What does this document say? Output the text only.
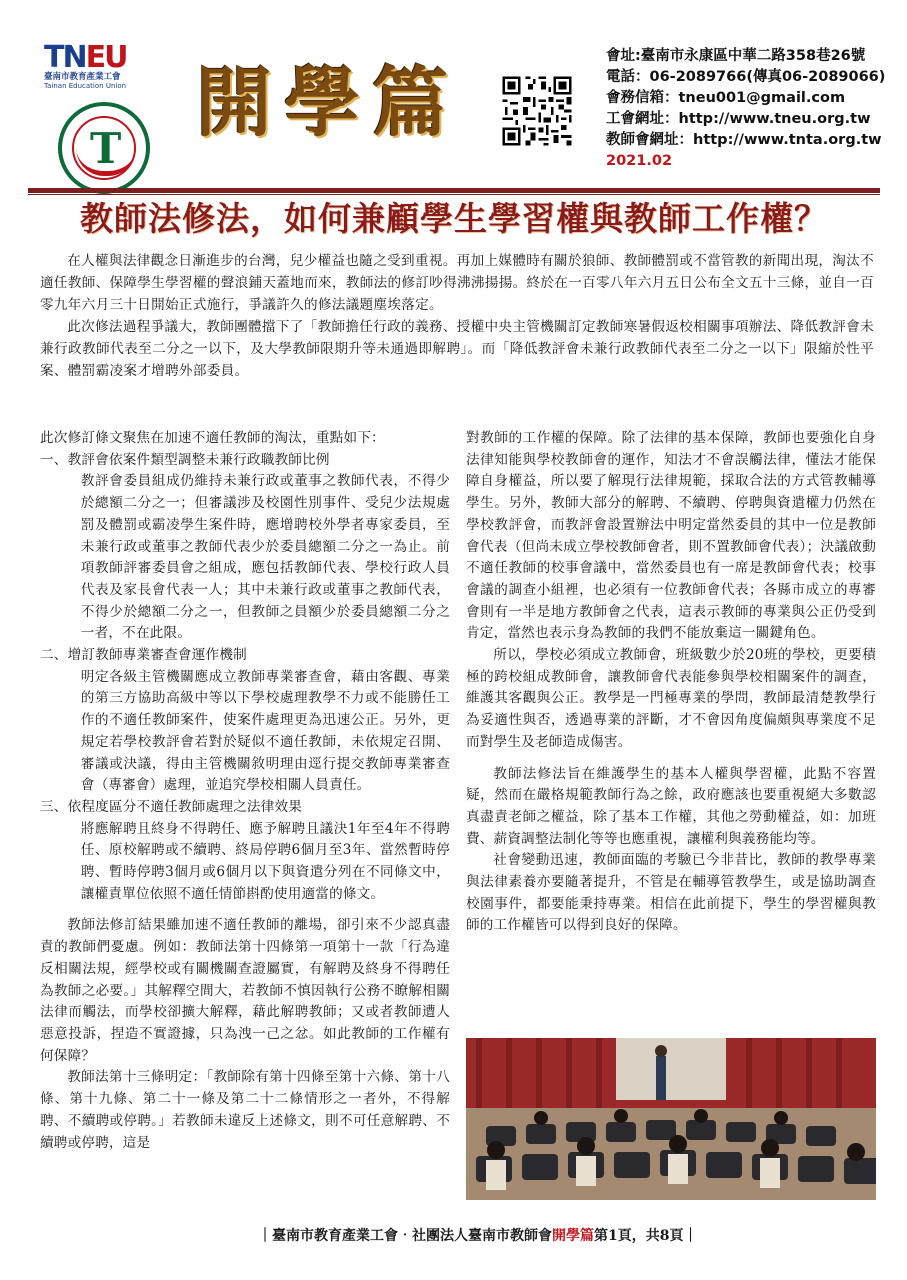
TNEU
臺南市教育產業工會
Tainan Education Union
T
開學篇
會址:臺南市永康區中華二路358巷26號
電話：06-2089766(傳真06-2089066)
會務信箱：tneu001@gmail.com
工會網址：http://www.tneu.org.tw
教師會網址：http://www.tnta.org.tw
2021.02
教師法修法，如何兼顧學生學習權與教師工作權？

在人權與法律觀念日漸進步的台灣，兒少權益也隨之受到重視。再加上媒體時有關於狼師、教師體罰或不當管教的新聞出現，淘汰不適任教師、保障學生學習權的聲浪鋪天蓋地而來，教師法的修訂吵得沸沸揚揚。終於在一百零八年六月五日公布全文五十三條，並自一百零九年六月三十日開始正式施行，爭議許久的修法議題塵埃落定。

此次修法過程爭議大，教師團體擋下了「教師擔任行政的義務、授權中央主管機關訂定教師寒暑假返校相關事項辦法、降低教評會未兼行政教師代表至二分之一以下，及大學教師限期升等未通過即解聘」。而「降低教評會未兼行政教師代表至二分之一以下」限縮於性平案、體罰霸凌案才增聘外部委員。

此次修訂條文聚焦在加速不適任教師的淘汰，重點如下：

一、教評會依案件類型調整未兼行政職教師比例

教評會委員組成仍維持未兼行政或董事之教師代表，不得少於總額二分之一；但審議涉及校園性別事件、受兒少法規處罰及體罰或霸凌學生案件時，應增聘校外學者專家委員，至未兼行政或董事之教師代表少於委員總額二分之一為止。前項教師評審委員會之組成，應包括教師代表、學校行政人員代表及家長會代表一人；其中未兼行政或董事之教師代表，不得少於總額二分之一，但教師之員額少於委員總額二分之一者，不在此限。

二、增訂教師專業審查會運作機制

明定各級主管機關應成立教師專業審查會，藉由客觀、專業的第三方協助高級中等以下學校處理教學不力或不能勝任工作的不適任教師案件，使案件處理更為迅速公正。另外，更規定若學校教評會若對於疑似不適任教師，未依規定召開、審議或決議，得由主管機關敘明理由逕行提交教師專業審查會（專審會）處理，並追究學校相關人員責任。

三、依程度區分不適任教師處理之法律效果

將應解聘且終身不得聘任、應予解聘且議決1年至4年不得聘任、原校解聘或不續聘、終局停聘6個月至3年、當然暫時停聘、暫時停聘3個月或6個月以下與資遣分列在不同條文中，讓權責單位依照不適任情節斟酌使用適當的條文。

教師法修訂結果雖加速不適任教師的離場，卻引來不少認真盡責的教師們憂慮。例如：教師法第十四條第一項第十一款「行為違反相關法規，經學校或有關機關查證屬實，有解聘及終身不得聘任為教師之必要。」其解釋空間大，若教師不慎因執行公務不瞭解相關法律而觸法，而學校卻擴大解釋，藉此解聘教師；又或者教師遭人惡意投訴，捏造不實證據，只為洩一己之忿。如此教師的工作權有何保障？

教師法第十三條明定：「教師除有第十四條至第十六條、第十八條、第十九條、第二十一條及第二十二條情形之一者外，不得解聘、不續聘或停聘。」若教師未違反上述條文，則不可任意解聘、不續聘或停聘，這是

對教師的工作權的保障。除了法律的基本保障，教師也要強化自身法律知能與學校教師會的運作，知法才不會誤觸法律，懂法才能保障自身權益，所以要了解現行法律規範，採取合法的方式管教輔導學生。另外，教師大部分的解聘、不續聘、停聘與資遣權力仍然在學校教評會，而教評會設置辦法中明定當然委員的其中一位是教師會代表（但尚未成立學校教師會者，則不置教師會代表）；決議啟動不適任教師的校事會議中，當然委員也有一席是教師會代表；校事會議的調查小組裡，也必須有一位教師會代表；各縣市成立的專審會則有一半是地方教師會之代表，這表示教師的專業與公正仍受到肯定，當然也表示身為教師的我們不能放棄這一關鍵角色。

所以，學校必須成立教師會，班級數少於20班的學校，更要積極的跨校組成教師會，讓教師會代表能參與學校相關案件的調查，維護其客觀與公正。教學是一門極專業的學問，教師最清楚教學行為妥適性與否，透過專業的評斷，才不會因角度偏頗與專業度不足而對學生及老師造成傷害。

教師法修法旨在維護學生的基本人權與學習權，此點不容置疑，然而在嚴格規範教師行為之餘，政府應該也要重視絕大多數認真盡責老師之權益，除了基本工作權，其他之勞動權益，如：加班費、薪資調整法制化等等也應重視，讓權利與義務能均等。

社會變動迅速，教師面臨的考驗已今非昔比，教師的教學專業與法律素養亦要隨著提升，不管是在輔導管教學生，或是協助調查校園事件，都要能秉持專業。相信在此前提下，學生的學習權與教師的工作權皆可以得到良好的保障。

｜臺南市教育產業工會‧社團法人臺南市教師會開學篇第1頁，共8頁｜
